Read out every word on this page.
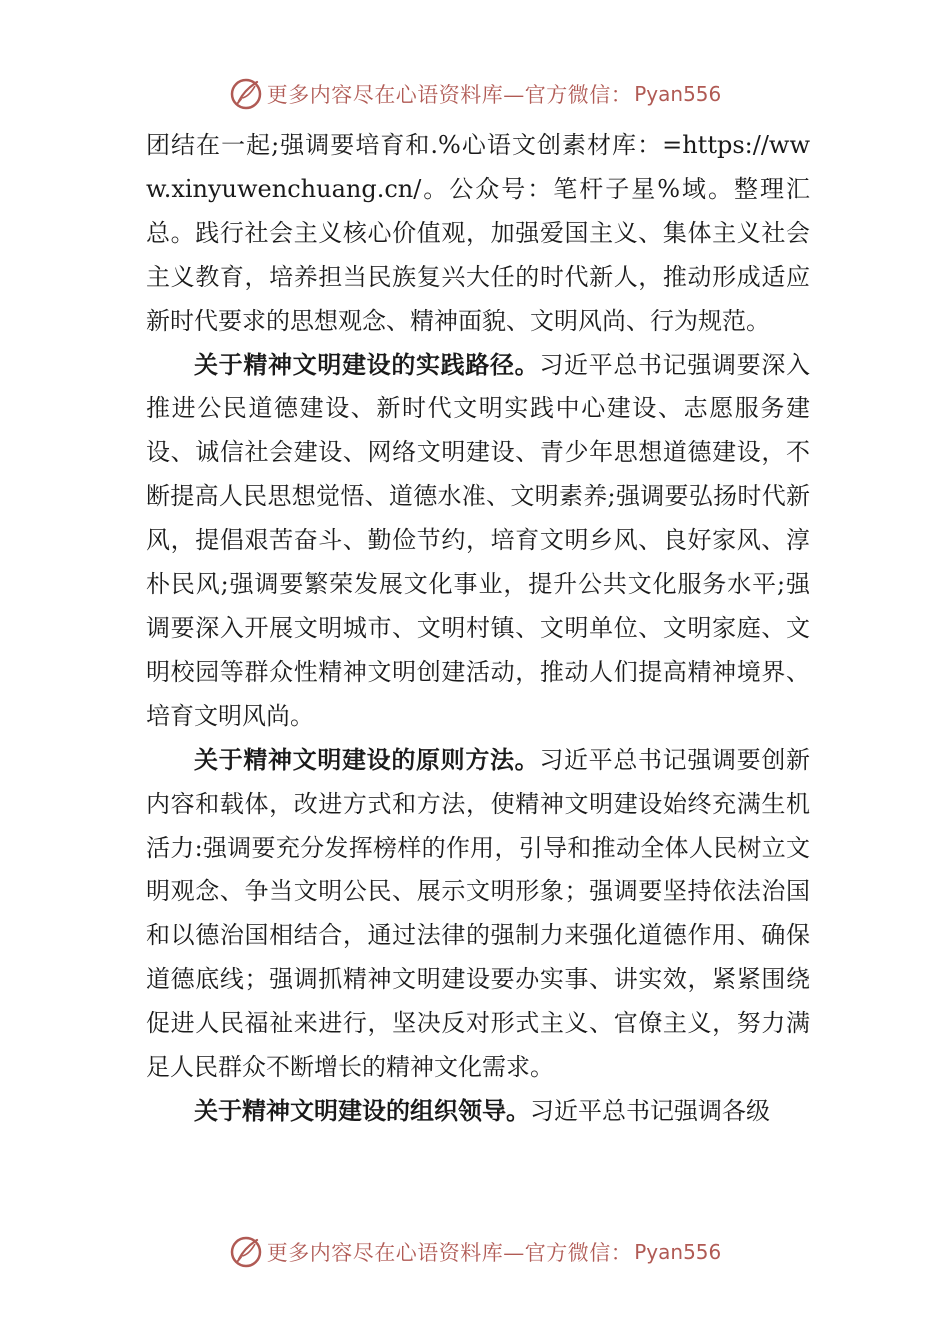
更多内容尽在心语资料库—官方微信： Pyan556

团结在一起;强调要培育和.%心语文创素材库：=https://www.xinyuwenchuang.cn/。公众号：笔杆子星%域。整理汇总。践行社会主义核心价值观，加强爱国主义、集体主义社会主义教育，培养担当民族复兴大任的时代新人，推动形成适应新时代要求的思想观念、精神面貌、文明风尚、行为规范。

关于精神文明建设的实践路径。习近平总书记强调要深入推进公民道德建设、新时代文明实践中心建设、志愿服务建设、诚信社会建设、网络文明建设、青少年思想道德建设，不断提高人民思想觉悟、道德水准、文明素养;强调要弘扬时代新风，提倡艰苦奋斗、勤俭节约，培育文明乡风、良好家风、淳朴民风;强调要繁荣发展文化事业，提升公共文化服务水平;强调要深入开展文明城市、文明村镇、文明单位、文明家庭、文明校园等群众性精神文明创建活动，推动人们提高精神境界、培育文明风尚。

关于精神文明建设的原则方法。习近平总书记强调要创新内容和载体，改进方式和方法，使精神文明建设始终充满生机活力:强调要充分发挥榜样的作用，引导和推动全体人民树立文明观念、争当文明公民、展示文明形象；强调要坚持依法治国和以德治国相结合，通过法律的强制力来强化道德作用、确保道德底线；强调抓精神文明建设要办实事、讲实效，紧紧围绕促进人民福祉来进行，坚决反对形式主义、官僚主义，努力满足人民群众不断增长的精神文化需求。

关于精神文明建设的组织领导。习近平总书记强调各级

更多内容尽在心语资料库—官方微信： Pyan556
